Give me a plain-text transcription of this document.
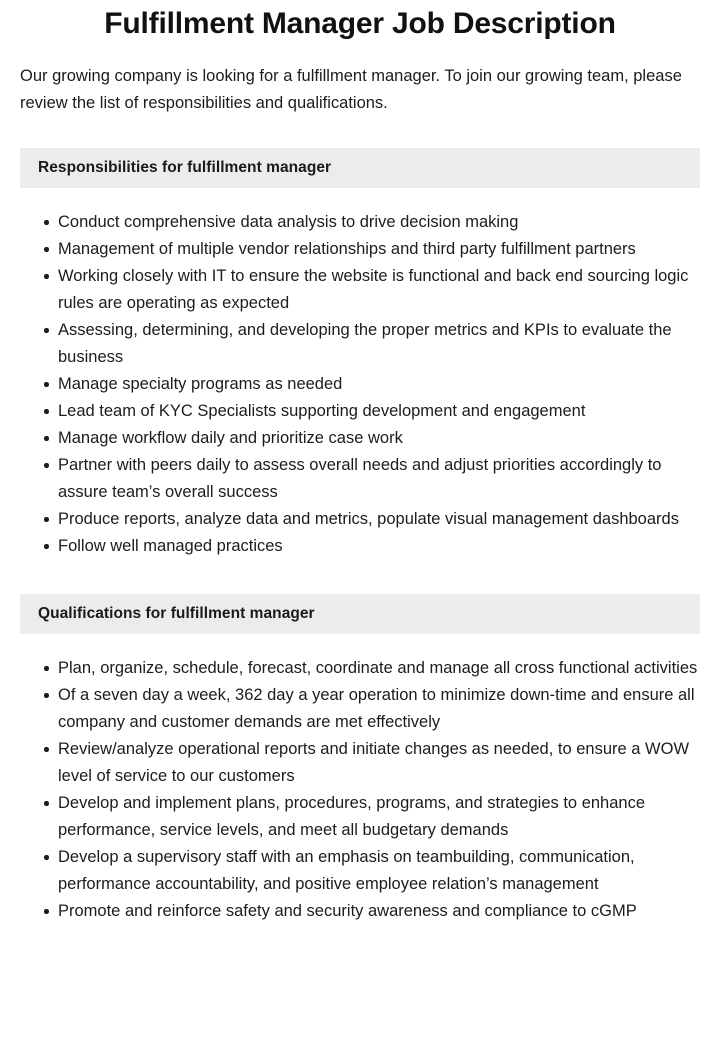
Fulfillment Manager Job Description

Our growing company is looking for a fulfillment manager. To join our growing team, please review the list of responsibilities and qualifications.

Responsibilities for fulfillment manager
Conduct comprehensive data analysis to drive decision making
Management of multiple vendor relationships and third party fulfillment partners
Working closely with IT to ensure the website is functional and back end sourcing logic rules are operating as expected
Assessing, determining, and developing the proper metrics and KPIs to evaluate the business
Manage specialty programs as needed
Lead team of KYC Specialists supporting development and engagement
Manage workflow daily and prioritize case work
Partner with peers daily to assess overall needs and adjust priorities accordingly to assure team’s overall success
Produce reports, analyze data and metrics, populate visual management dashboards
Follow well managed practices
Qualifications for fulfillment manager
Plan, organize, schedule, forecast, coordinate and manage all cross functional activities
Of a seven day a week, 362 day a year operation to minimize down-time and ensure all company and customer demands are met effectively
Review/analyze operational reports and initiate changes as needed, to ensure a WOW level of service to our customers
Develop and implement plans, procedures, programs, and strategies to enhance performance, service levels, and meet all budgetary demands
Develop a supervisory staff with an emphasis on teambuilding, communication, performance accountability, and positive employee relation’s management
Promote and reinforce safety and security awareness and compliance to cGMP
